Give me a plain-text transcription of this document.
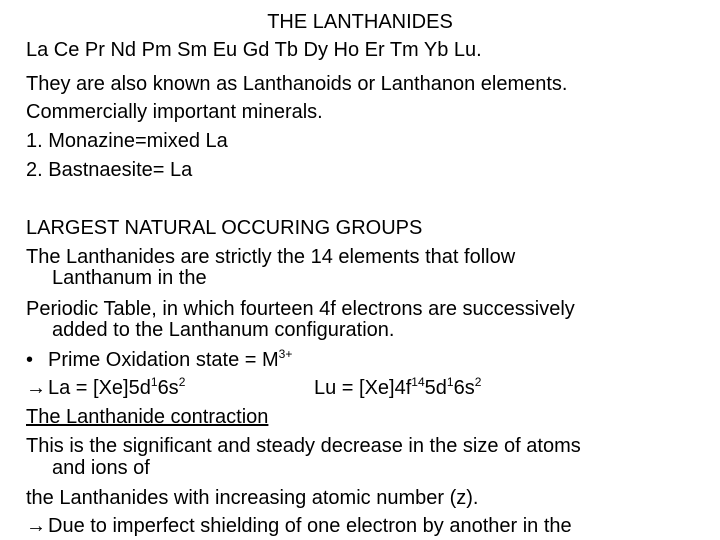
THE LANTHANIDES
La Ce Pr Nd Pm Sm Eu Gd Tb Dy Ho Er Tm Yb Lu.
They are also known as Lanthanoids or Lanthanon elements.
Commercially important minerals.
1. Monazine=mixed La
2. Bastnaesite= La
LARGEST NATURAL OCCURING GROUPS
The Lanthanides are strictly the 14 elements that follow
Lanthanum in the
Periodic Table, in which fourteen 4f electrons are successively
added to the Lanthanum configuration.
• Prime Oxidation state = $M^{3+}$
→ $La = [Xe]5d^16s^2$	$Lu = [Xe]4f^{14}5d^16s^2$
The Lanthanide contraction
This is the significant and steady decrease in the size of atoms
and ions of
the Lanthanides with increasing atomic number (z).
→ Due to imperfect shielding of one electron by another in the
